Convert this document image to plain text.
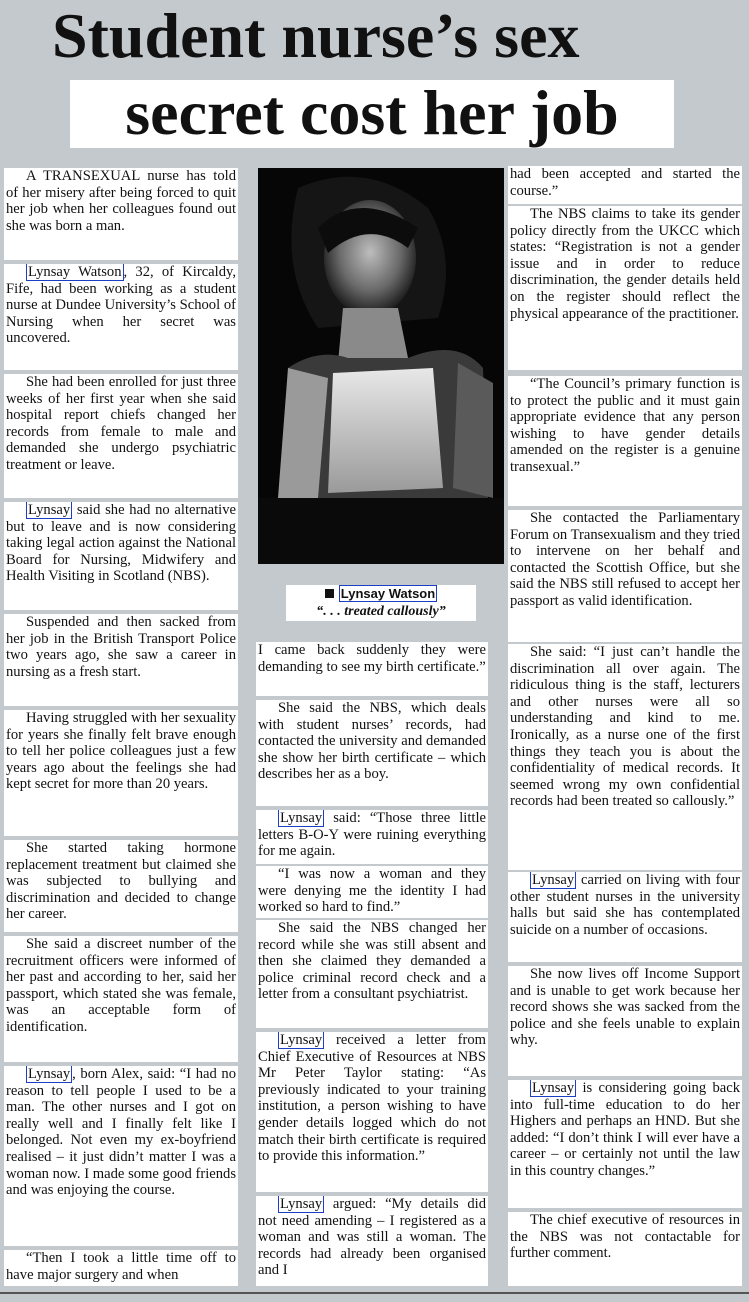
Student nurse’s sex
secret cost her job

A TRANSEXUAL nurse has told of her misery after being forced to quit her job when her colleagues found out she was born a man.

Lynsay Watson , 32, of Kircaldy, Fife, had been working as a student nurse at Dundee University’s School of Nursing when her secret was uncovered.

She had been enrolled for just three weeks of her first year when she said hospital report chiefs changed her records from female to male and demanded she undergo psychiatric treatment or leave.

Lynsay said she had no alternative but to leave and is now considering taking legal action against the National Board for Nursing, Midwifery and Health Visiting in Scotland (NBS).

Suspended and then sacked from her job in the British Transport Police two years ago, she saw a career in nursing as a fresh start.

Having struggled with her sexuality for years she finally felt brave enough to tell her police colleagues just a few years ago about the feelings she had kept secret for more than 20 years.

She started taking hormone replacement treatment but claimed she was subjected to bullying and discrimination and decided to change her career.

She said a discreet number of the recruitment officers were informed of her past and according to her, said her passport, which stated she was female, was an acceptable form of identification.

Lynsay , born Alex, said: “I had no reason to tell people I used to be a man. The other nurses and I got on really well and I finally felt like I belonged. Not even my ex-boyfriend realised – it just didn’t matter I was a woman now. I made some good friends and was enjoying the course.

“Then I took a little time off to have major surgery and when

Lynsay Watson
“. . . treated callously”

I came back suddenly they were demanding to see my birth certificate.”

She said the NBS, which deals with student nurses’ records, had contacted the university and demanded she show her birth certificate – which describes her as a boy.

Lynsay said: “Those three little letters B-O-Y were ruining everything for me again.

“I was now a woman and they were denying me the identity I had worked so hard to find.”

She said the NBS changed her record while she was still absent and then she claimed they demanded a police criminal record check and a letter from a consultant psychiatrist.

Lynsay received a letter from Chief Executive of Resources at NBS Mr Peter Taylor stating: “As previously indicated to your training institution, a person wishing to have gender details logged which do not match their birth certificate is required to provide this information.”

Lynsay argued: “My details did not need amending – I registered as a woman and was still a woman. The records had already been organised and I

had been accepted and started the course.”

The NBS claims to take its gender policy directly from the UKCC which states: “Registration is not a gender issue and in order to reduce discrimination, the gender details held on the register should reflect the physical appearance of the practitioner.

“The Council’s primary function is to protect the public and it must gain appropriate evidence that any person wishing to have gender details amended on the register is a genuine transexual.”

She contacted the Parliamentary Forum on Transexualism and they tried to intervene on her behalf and contacted the Scottish Office, but she said the NBS still refused to accept her passport as valid identification.

She said: “I just can’t handle the discrimination all over again. The ridiculous thing is the staff, lecturers and other nurses were all so understanding and kind to me. Ironically, as a nurse one of the first things they teach you is about the confidentiality of medical records. It seemed wrong my own confidential records had been treated so callously.”

Lynsay carried on living with four other student nurses in the university halls but said she has contemplated suicide on a number of occasions.

She now lives off Income Support and is unable to get work because her record shows she was sacked from the police and she feels unable to explain why.

Lynsay is considering going back into full-time education to do her Highers and perhaps an HND. But she added: “I don’t think I will ever have a career – or certainly not until the law in this country changes.”

The chief executive of resources in the NBS was not contactable for further comment.
